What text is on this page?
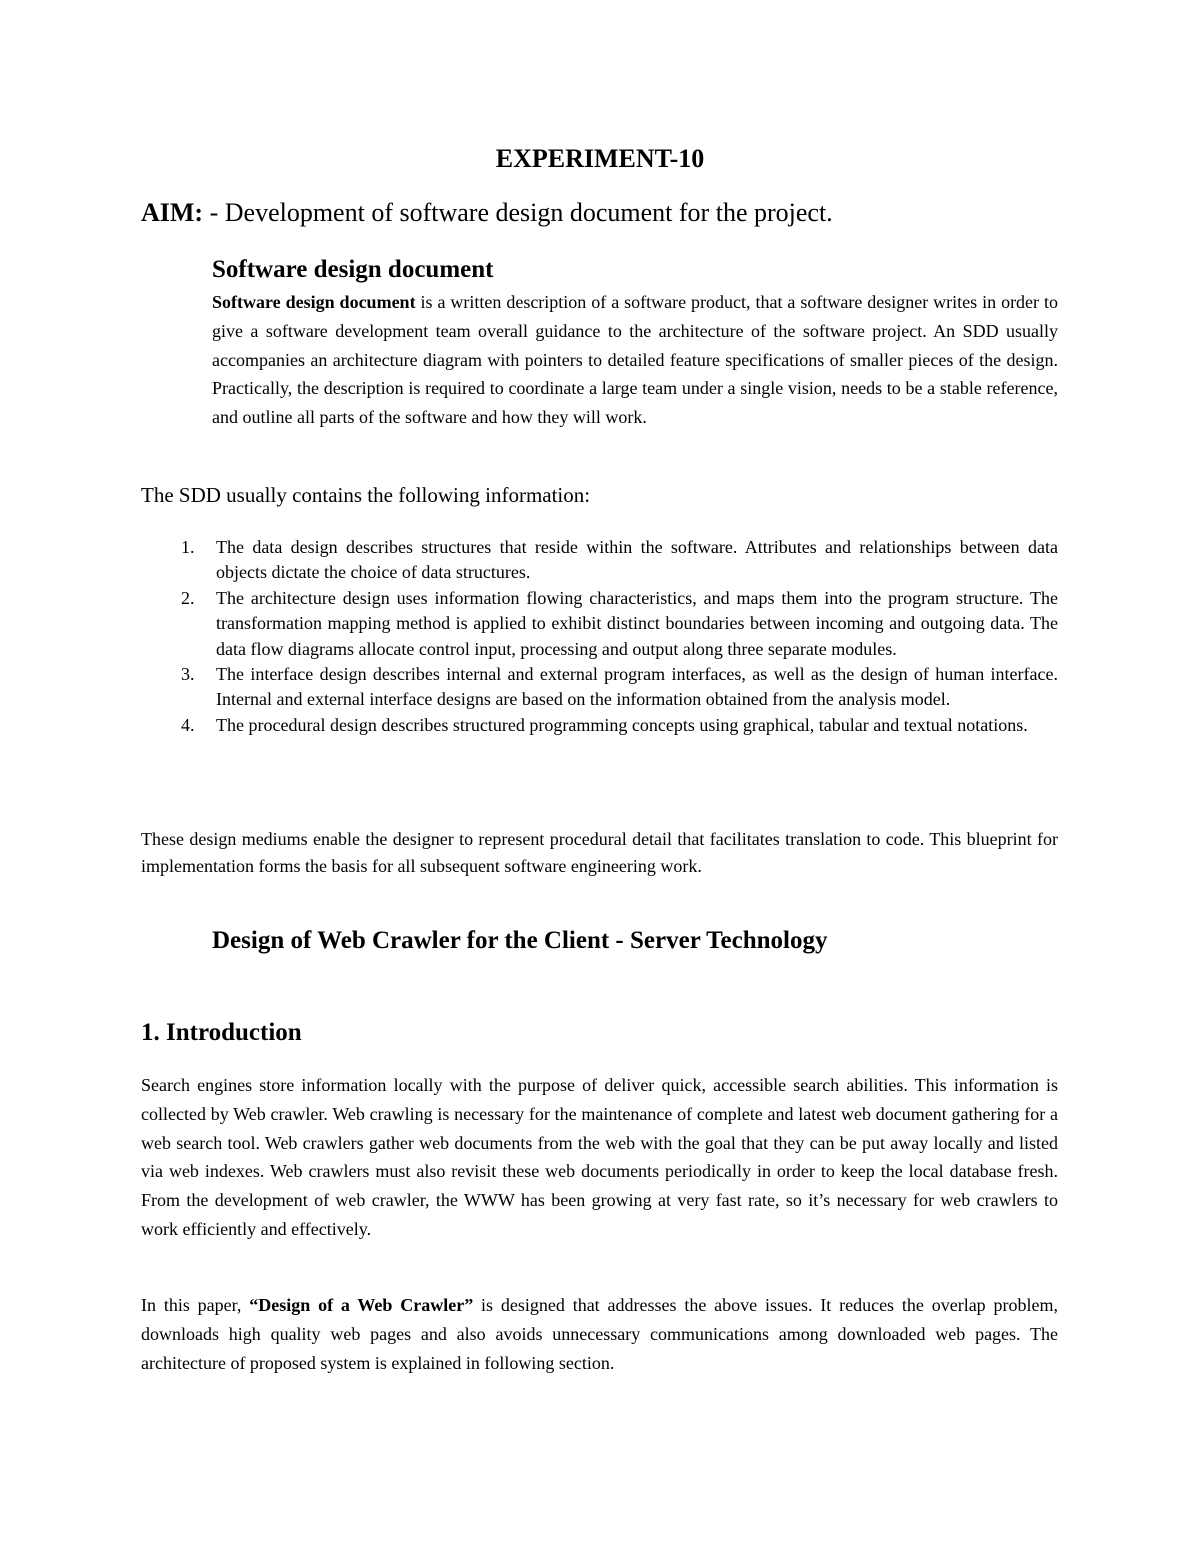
EXPERIMENT-10

AIM: - Development of software design document for the project.

Software design document

Software design document is a written description of a software product, that a software designer writes in order to give a software development team overall guidance to the architecture of the software project. An SDD usually accompanies an architecture diagram with pointers to detailed feature specifications of smaller pieces of the design. Practically, the description is required to coordinate a large team under a single vision, needs to be a stable reference, and outline all parts of the software and how they will work.

The SDD usually contains the following information:

1. The data design describes structures that reside within the software. Attributes and relationships between data objects dictate the choice of data structures.
2. The architecture design uses information flowing characteristics, and maps them into the program structure. The transformation mapping method is applied to exhibit distinct boundaries between incoming and outgoing data. The data flow diagrams allocate control input, processing and output along three separate modules.
3. The interface design describes internal and external program interfaces, as well as the design of human interface. Internal and external interface designs are based on the information obtained from the analysis model.
4. The procedural design describes structured programming concepts using graphical, tabular and textual notations.

These design mediums enable the designer to represent procedural detail that facilitates translation to code. This blueprint for implementation forms the basis for all subsequent software engineering work.

Design of Web Crawler for the Client - Server Technology
1. Introduction

Search engines store information locally with the purpose of deliver quick, accessible search abilities. This information is collected by Web crawler. Web crawling is necessary for the maintenance of complete and latest web document gathering for a web search tool. Web crawlers gather web documents from the web with the goal that they can be put away locally and listed via web indexes. Web crawlers must also revisit these web documents periodically in order to keep the local database fresh. From the development of web crawler, the WWW has been growing at very fast rate, so it’s necessary for web crawlers to work efficiently and effectively.

In this paper, “Design of a Web Crawler” is designed that addresses the above issues. It reduces the overlap problem, downloads high quality web pages and also avoids unnecessary communications among downloaded web pages. The architecture of proposed system is explained in following section.
